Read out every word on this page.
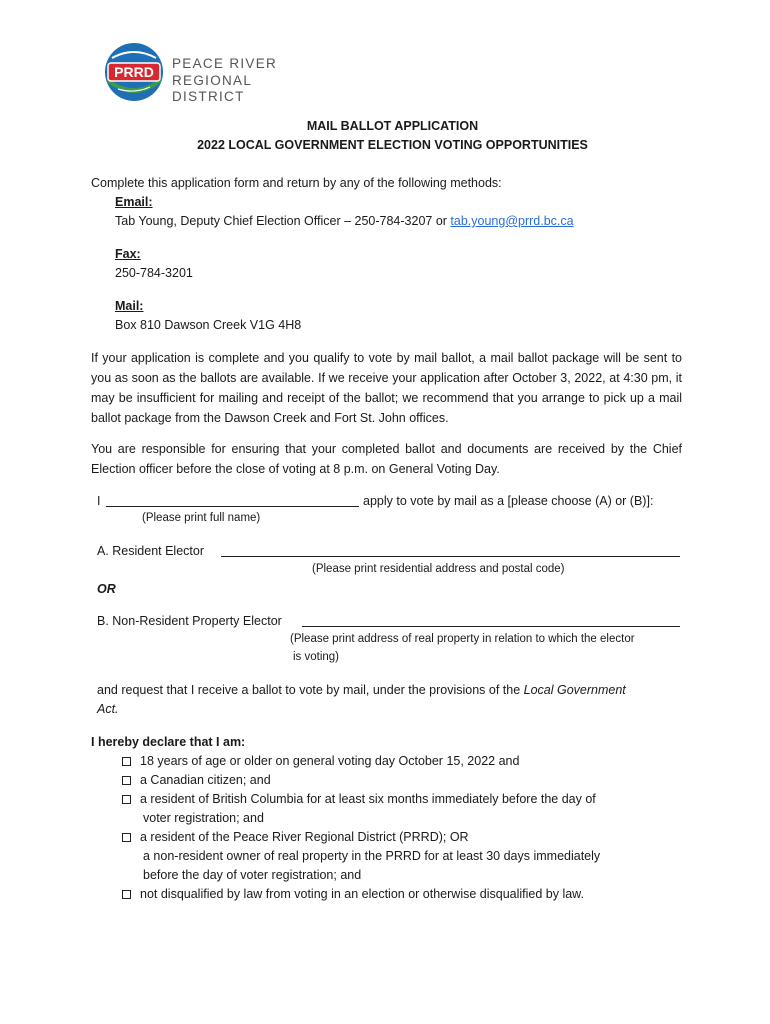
PRRD
PEACE RIVER
REGIONAL DISTRICT
MAIL BALLOT APPLICATION
2022 LOCAL GOVERNMENT ELECTION VOTING OPPORTUNITIES
Complete this application form and return by any of the following methods:
Email:
Tab Young, Deputy Chief Election Officer – 250-784-3207 or tab.young@prrd.bc.ca
Fax:
250-784-3201
Mail:
Box 810 Dawson Creek V1G 4H8
If your application is complete and you qualify to vote by mail ballot, a mail ballot package will be sent to you as soon as the ballots are available. If we receive your application after October 3, 2022, at 4:30 pm, it may be insufficient for mailing and receipt of the ballot; we recommend that you arrange to pick up a mail ballot package from the Dawson Creek and Fort St. John offices.
You are responsible for ensuring that your completed ballot and documents are received by the Chief Election officer before the close of voting at 8 p.m. on General Voting Day.
I	apply to vote by mail as a [please choose (A) or (B)]:
(Please print full name)
A. Resident Elector
(Please print residential address and postal code)
OR
B. Non-Resident Property Elector
(Please print address of real property in relation to which the elector
is voting)
and request that I receive a ballot to vote by mail, under the provisions of the Local Government
Act.
I hereby declare that I am:
18 years of age or older on general voting day October 15, 2022 and
a Canadian citizen; and
a resident of British Columbia for at least six months immediately before the day of
voter registration; and
a resident of the Peace River Regional District (PRRD); OR
a non-resident owner of real property in the PRRD for at least 30 days immediately
before the day of voter registration; and
not disqualified by law from voting in an election or otherwise disqualified by law.
